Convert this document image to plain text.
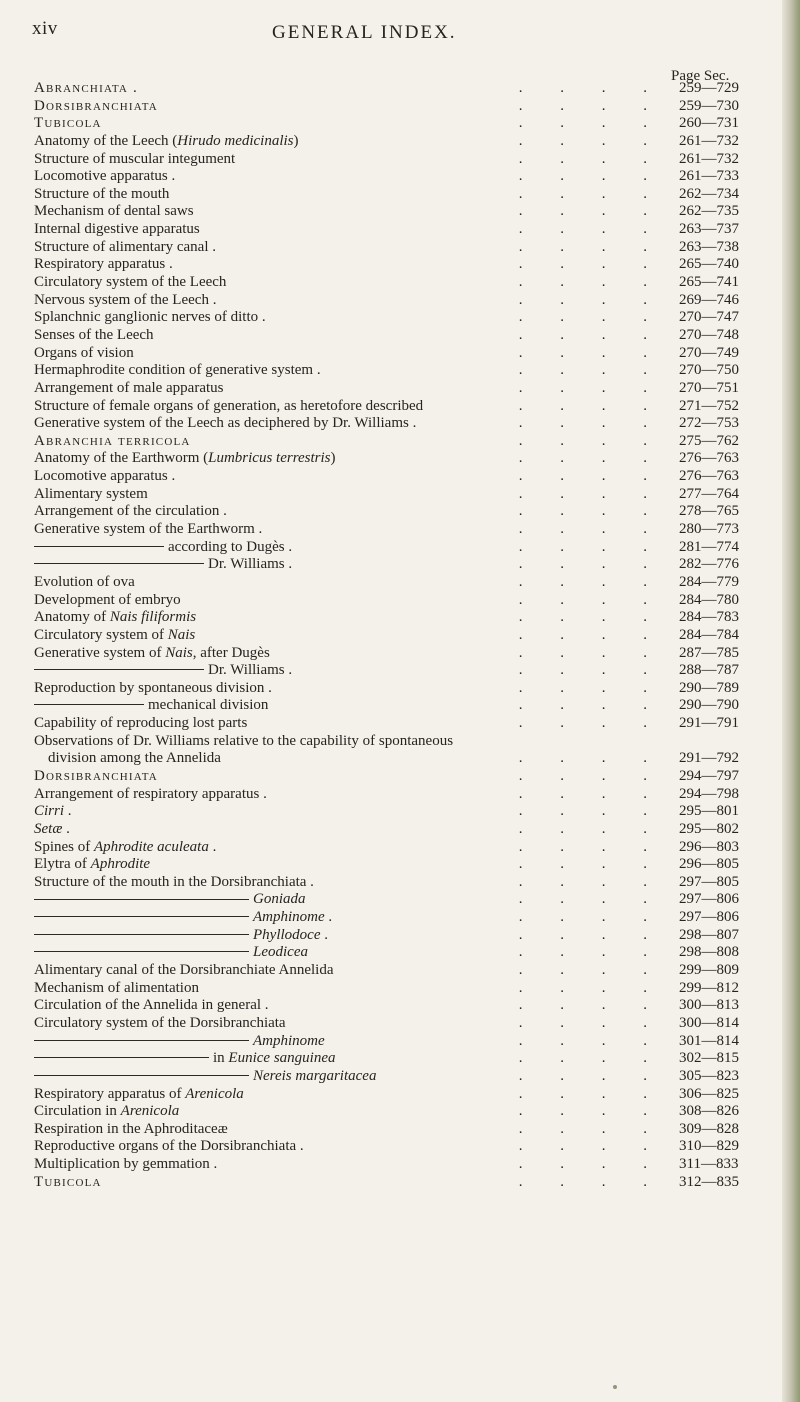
xiv	GENERAL INDEX.
Page Sec.
Abranchiata .	. . . . 259—729
Dorsibranchiata	. . . . 259—730
Tubicola	. . . . 260—731
Anatomy of the Leech (Hirudo medicinalis)	. . . . 261—732
Structure of muscular integument	. . . . 261—732
Locomotive apparatus .	. . . . 261—733
Structure of the mouth	. . . . 262—734
Mechanism of dental saws	. . . . 262—735
Internal digestive apparatus	. . . . 263—737
Structure of alimentary canal .	. . . . 263—738
Respiratory apparatus .	. . . . 265—740
Circulatory system of the Leech	. . . . 265—741
Nervous system of the Leech .	. . . . 269—746
Splanchnic ganglionic nerves of ditto .	. . . . 270—747
Senses of the Leech	. . . . 270—748
Organs of vision	. . . . 270—749
Hermaphrodite condition of generative system .	. . . . 270—750
Arrangement of male apparatus	. . . . 270—751
Structure of female organs of generation, as heretofore described	. . . . 271—752
Generative system of the Leech as deciphered by Dr. Williams .	. . . . 272—753
Abranchia terricola	. . . . 275—762
Anatomy of the Earthworm (Lumbricus terrestris)	. . . . 276—763
Locomotive apparatus .	. . . . 276—763
Alimentary system	. . . . 277—764
Arrangement of the circulation .	. . . . 278—765
Generative system of the Earthworm .	. . . . 280—773
according to Dugès .	. . . . 281—774
Dr. Williams .	. . . . 282—776
Evolution of ova	. . . . 284—779
Development of embryo	. . . . 284—780
Anatomy of Nais filiformis	. . . . 284—783
Circulatory system of Nais	. . . . 284—784
Generative system of Nais, after Dugès	. . . . 287—785
Dr. Williams .	. . . . 288—787
Reproduction by spontaneous division .	. . . . 290—789
mechanical division	. . . . 290—790
Capability of reproducing lost parts	. . . . 291—791
Observations of Dr. Williams relative to the capability of spontaneous
division among the Annelida	. . . . 291—792
Dorsibranchiata	. . . . 294—797
Arrangement of respiratory apparatus .	. . . . 294—798
Cirri .	. . . . 295—801
Setæ .	. . . . 295—802
Spines of Aphrodite aculeata .	. . . . 296—803
Elytra of Aphrodite	. . . . 296—805
Structure of the mouth in the Dorsibranchiata .	. . . . 297—805
Goniada	. . . . 297—806
Amphinome .	. . . . 297—806
Phyllodoce .	. . . . 298—807
Leodicea	. . . . 298—808
Alimentary canal of the Dorsibranchiate Annelida	. . . . 299—809
Mechanism of alimentation	. . . . 299—812
Circulation of the Annelida in general .	. . . . 300—813
Circulatory system of the Dorsibranchiata	. . . . 300—814
Amphinome	. . . . 301—814
in Eunice sanguinea	. . . . 302—815
Nereis margaritacea	. . . . 305—823
Respiratory apparatus of Arenicola	. . . . 306—825
Circulation in Arenicola	. . . . 308—826
Respiration in the Aphroditaceæ	. . . . 309—828
Reproductive organs of the Dorsibranchiata .	. . . . 310—829
Multiplication by gemmation .	. . . . 311—833
Tubicola	. . . . 312—835
